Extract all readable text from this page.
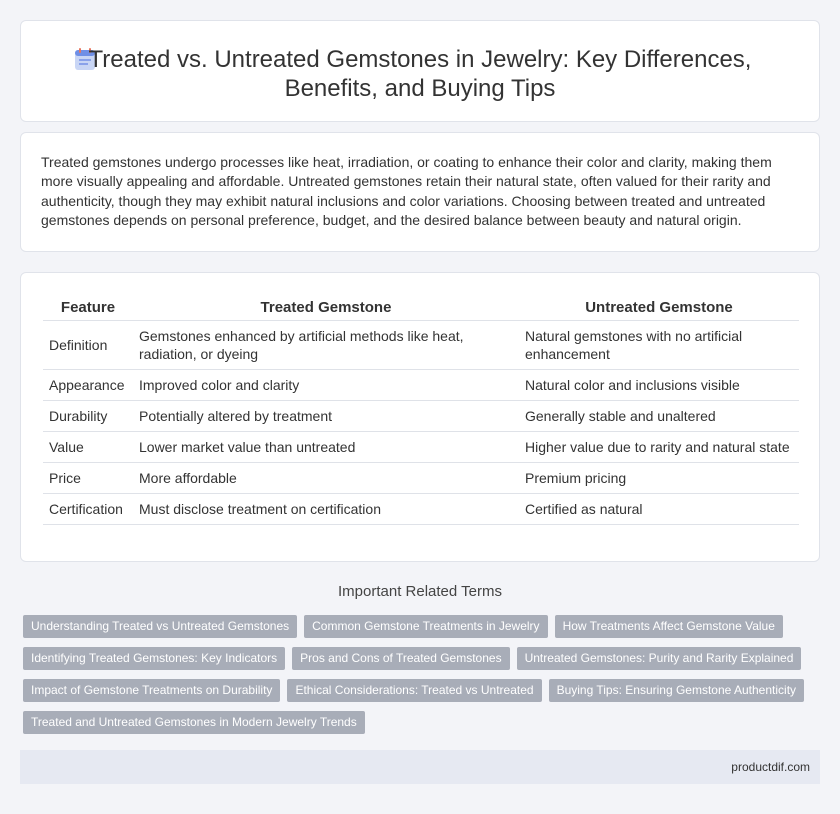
Treated vs. Untreated Gemstones in Jewelry: Key Differences, Benefits, and Buying Tips

Treated gemstones undergo processes like heat, irradiation, or coating to enhance their color and clarity, making them more visually appealing and affordable. Untreated gemstones retain their natural state, often valued for their rarity and authenticity, though they may exhibit natural inclusions and color variations. Choosing between treated and untreated gemstones depends on personal preference, budget, and the desired balance between beauty and natural origin.

Feature	Treated Gemstone	Untreated Gemstone
Definition	Gemstones enhanced by artificial methods like heat, radiation, or dyeing	Natural gemstones with no artificial enhancement
Appearance	Improved color and clarity	Natural color and inclusions visible
Durability	Potentially altered by treatment	Generally stable and unaltered
Value	Lower market value than untreated	Higher value due to rarity and natural state
Price	More affordable	Premium pricing
Certification	Must disclose treatment on certification	Certified as natural
Important Related Terms
Understanding Treated vs Untreated Gemstones	Common Gemstone Treatments in Jewelry	How Treatments Affect Gemstone Value
Identifying Treated Gemstones: Key Indicators	Pros and Cons of Treated Gemstones	Untreated Gemstones: Purity and Rarity Explained
Impact of Gemstone Treatments on Durability	Ethical Considerations: Treated vs Untreated	Buying Tips: Ensuring Gemstone Authenticity
Treated and Untreated Gemstones in Modern Jewelry Trends
productdif.com
